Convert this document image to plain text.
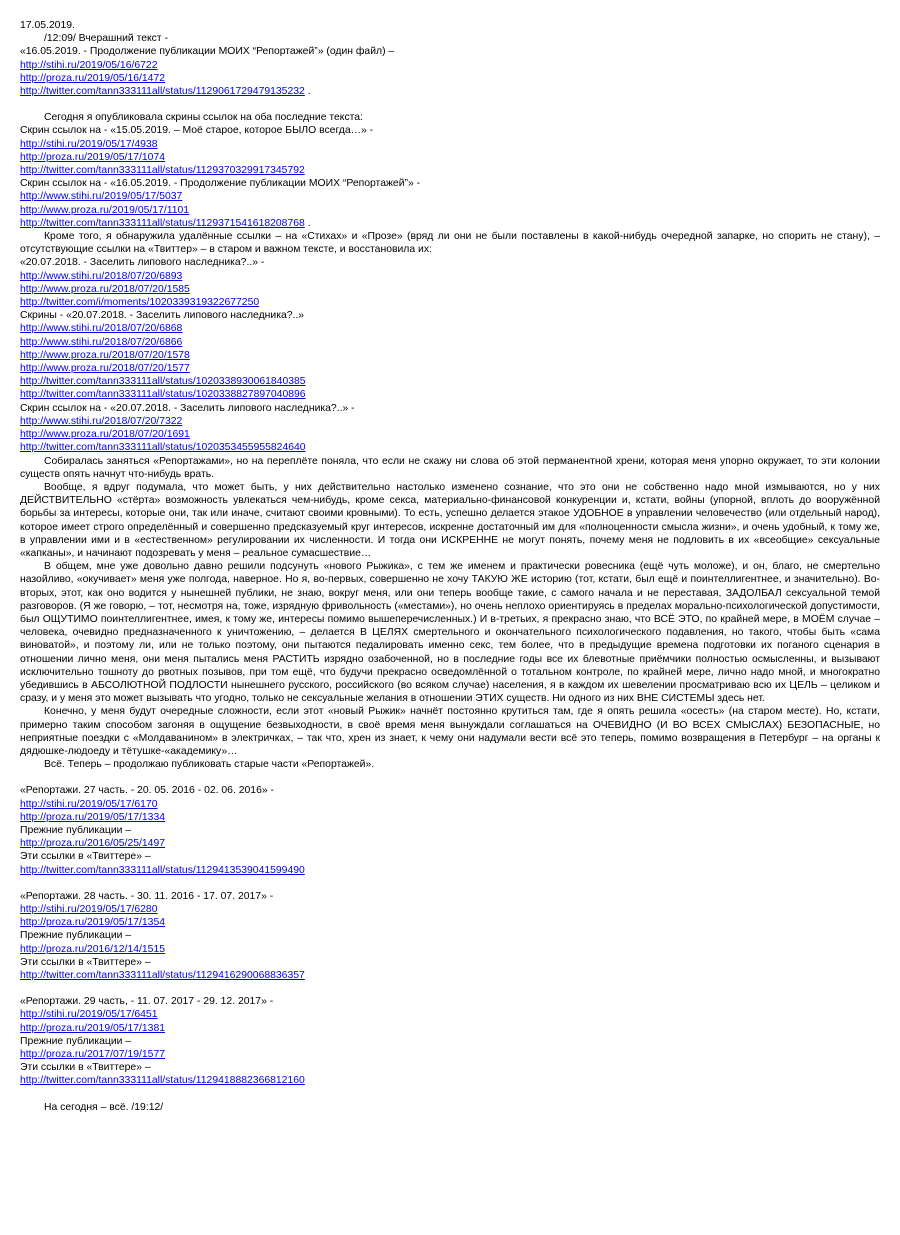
17.05.2019.
/12:09/ Вчерашний текст -
«16.05.2019. - Продолжение публикации МОИХ “Репортажей”» (один файл) –
http://stihi.ru/2019/05/16/6722
http://proza.ru/2019/05/16/1472
http://twitter.com/tann333111all/status/1129061729479135232 .
Сегодня я опубликовала скрины ссылок на оба последние текста:
Скрин ссылок на - «15.05.2019. – Моё старое, которое БЫЛО всегда…» -
http://stihi.ru/2019/05/17/4938
http://proza.ru/2019/05/17/1074
http://twitter.com/tann333111all/status/1129370329917345792
Скрин ссылок на - «16.05.2019. - Продолжение публикации МОИХ “Репортажей”» -
http://www.stihi.ru/2019/05/17/5037
http://www.proza.ru/2019/05/17/1101
http://twitter.com/tann333111all/status/1129371541618208768 .
Кроме того, я обнаружила удалённые ссылки – на «Стихах» и «Прозе» (вряд ли они не были поставлены в какой-нибудь очередной запарке, но спорить не стану), – отсутствующие ссылки на «Твиттер» – в старом и важном тексте, и восстановила их:
«20.07.2018. - Заселить липового наследника?..» -
http://www.stihi.ru/2018/07/20/6893
http://www.proza.ru/2018/07/20/1585
http://twitter.com/i/moments/1020339319322677250
Скрины - «20.07.2018. - Заселить липового наследника?..»
http://www.stihi.ru/2018/07/20/6868
http://www.stihi.ru/2018/07/20/6866
http://www.proza.ru/2018/07/20/1578
http://www.proza.ru/2018/07/20/1577
http://twitter.com/tann333111all/status/1020338930061840385
http://twitter.com/tann333111all/status/1020338827897040896
Скрин ссылок на - «20.07.2018. - Заселить липового наследника?..» -
http://www.stihi.ru/2018/07/20/7322
http://www.proza.ru/2018/07/20/1691
http://twitter.com/tann333111all/status/1020353455955824640
Собиралась заняться «Репортажами», но на переплёте поняла, что если не скажу ни слова об этой перманентной хрени, которая меня упорно окружает, то эти колонии существ опять начнут что-нибудь врать.
Вообще, я вдруг подумала, что может быть, у них действительно настолько изменено сознание, что это они не собственно надо мной измываются, но у них ДЕЙСТВИТЕЛЬНО «стёрта» возможность увлекаться чем-нибудь, кроме секса, материально-финансовой конкуренции и, кстати, войны (упорной, вплоть до вооружённой борьбы за интересы, которые они, так или иначе, считают своими кровными). То есть, успешно делается этакое УДОБНОЕ в управлении человечество (или отдельный народ), которое имеет строго определённый и совершенно предсказуемый круг интересов, искренне достаточный им для «полноценности смысла жизни», и очень удобный, к тому же, в управлении ими и в «естественном» регулировании их численности. И тогда они ИСКРЕННЕ не могут понять, почему меня не подловить в их «всеобщие» сексуальные «капканы», и начинают подозревать у меня – реальное сумасшествие…
В общем, мне уже довольно давно решили подсунуть «нового Рыжика», с тем же именем и практически ровесника (ещё чуть моложе), и он, благо, не смертельно назойливо, «окучивает» меня уже полгода, наверное. Но я, во-первых, совершенно не хочу ТАКУЮ ЖЕ историю (тот, кстати, был ещё и поинтеллигентнее, и значительно). Во-вторых, этот, как оно водится у нынешней публики, не знаю, вокруг меня, или они теперь вообще такие, с самого начала и не переставая, ЗАДОЛБАЛ сексуальной темой разговоров. (Я же говорю, – тот, несмотря на, тоже, изрядную фривольность («местами»), но очень неплохо ориентируясь в пределах морально-психологической допустимости, был ОЩУТИМО поинтеллигентнее, имея, к тому же, интересы помимо вышеперечисленных.) И в-третьих, я прекрасно знаю, что ВСЁ ЭТО, по крайней мере, в МОЁМ случае – человека, очевидно предназначенного к уничтожению, – делается В ЦЕЛЯХ смертельного и окончательного психологического подавления, но такого, чтобы быть «сама виноватой», и поэтому ли, или не только поэтому, они пытаются педалировать именно секс, тем более, что в предыдущие времена подготовки их поганого сценария в отношении лично меня, они меня пытались меня РАСТИТЬ изрядно озабоченной, но в последние годы все их блевотные приёмчики полностью осмысленны, и вызывают исключительно тошноту до рвотных позывов, при том ещё, что будучи прекрасно осведомлённой о тотальном контроле, по крайней мере, лично надо мной, и многократно убедившись в АБСОЛЮТНОЙ ПОДЛОСТИ нынешнего русского, российского (во всяком случае) населения, я в каждом их шевелении просматриваю всю их ЦЕЛЬ – целиком и сразу, и у меня это может вызывать что угодно, только не сексуальные желания в отношении ЭТИХ существ. Ни одного из них ВНЕ СИСТЕМЫ здесь нет.
Конечно, у меня будут очередные сложности, если этот «новый Рыжик» начнёт постоянно крутиться там, где я опять решила «осесть» (на старом месте). Но, кстати, примерно таким способом загоняя в ощущение безвыходности, в своё время меня вынуждали соглашаться на ОЧЕВИДНО (И ВО ВСЕХ СМЫСЛАХ) БЕЗОПАСНЫЕ, но неприятные поездки с «Молдаванином» в электричках, – так что, хрен из знает, к чему они надумали вести всё это теперь, помимо возвращения в Петербург – на органы к дядюшке-людоеду и тётушке-«академику»…
Всё. Теперь – продолжаю публиковать старые части «Репортажей».
«Репортажи. 27 часть. - 20. 05. 2016 - 02. 06. 2016» -
http://stihi.ru/2019/05/17/6170
http://proza.ru/2019/05/17/1334
Прежние публикации –
http://proza.ru/2016/05/25/1497
Эти ссылки в «Твиттере» –
http://twitter.com/tann333111all/status/1129413539041599490
«Репортажи. 28 часть. - 30. 11. 2016 - 17. 07. 2017» -
http://stihi.ru/2019/05/17/6280
http://proza.ru/2019/05/17/1354
Прежние публикации –
http://proza.ru/2016/12/14/1515
Эти ссылки в «Твиттере» –
http://twitter.com/tann333111all/status/1129416290068836357
«Репортажи. 29 часть, - 11. 07. 2017 - 29. 12. 2017» -
http://stihi.ru/2019/05/17/6451
http://proza.ru/2019/05/17/1381
Прежние публикации –
http://proza.ru/2017/07/19/1577
Эти ссылки в «Твиттере» –
http://twitter.com/tann333111all/status/1129418882366812160
На сегодня – всё. /19:12/
